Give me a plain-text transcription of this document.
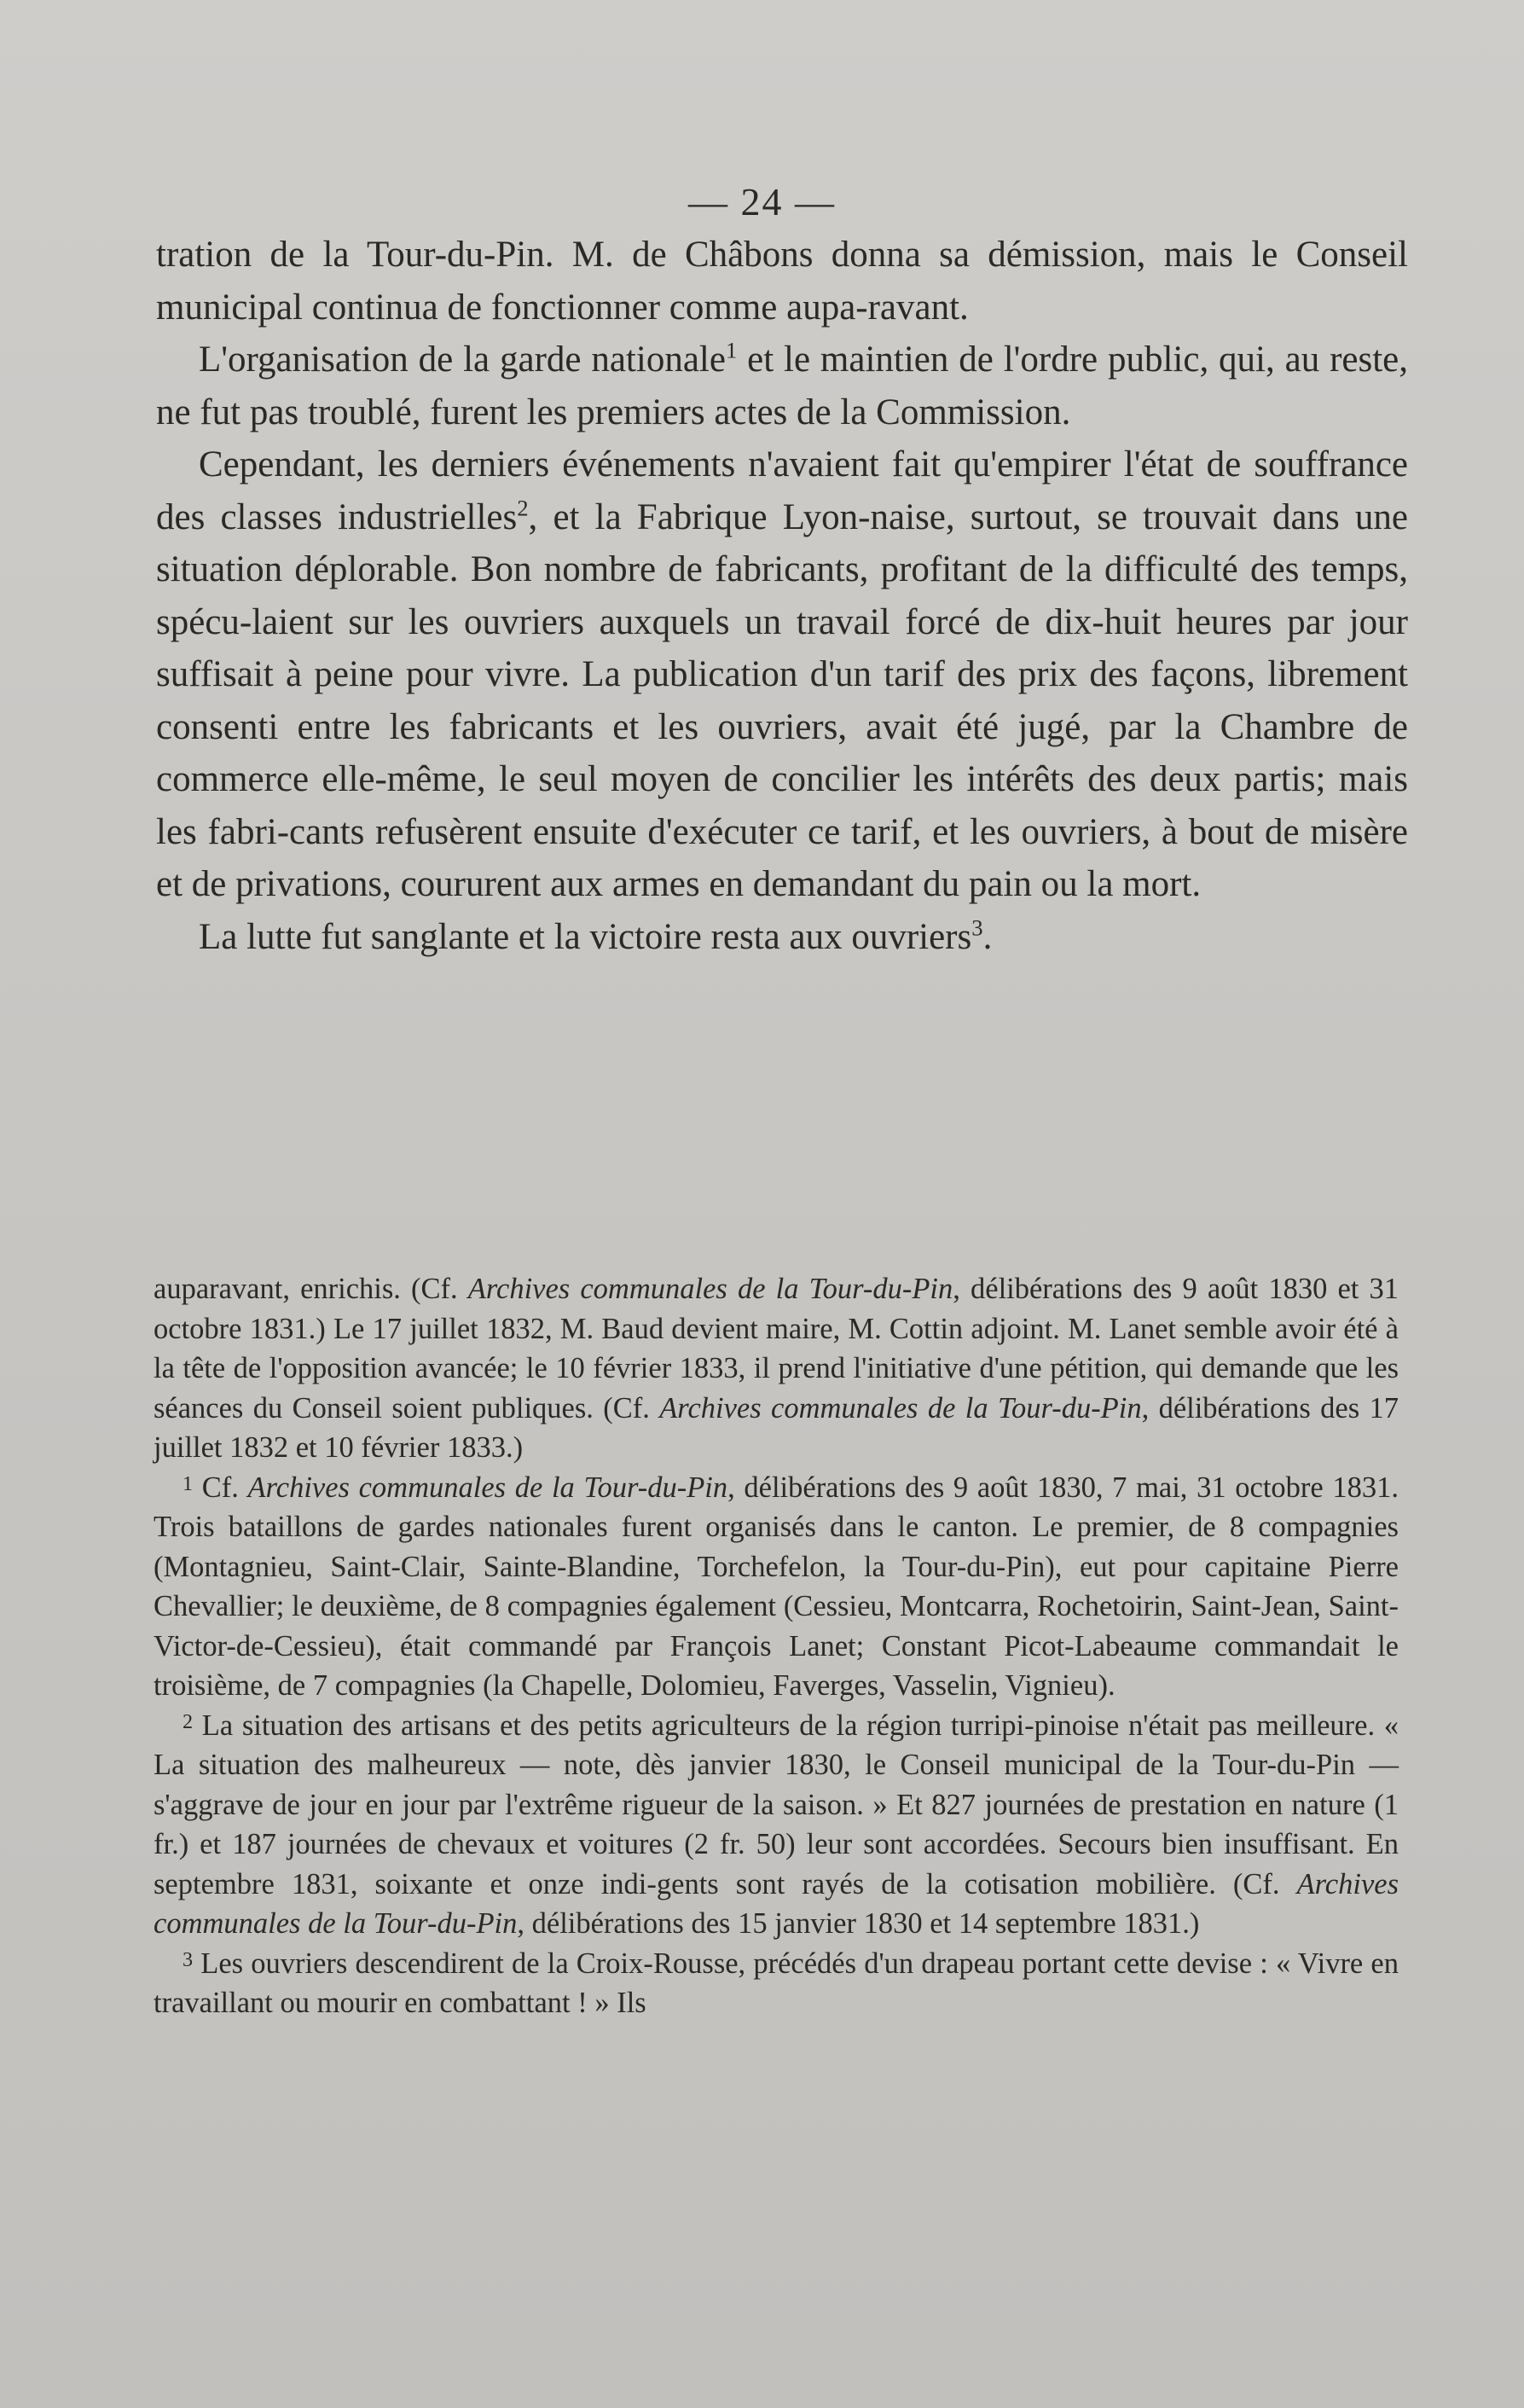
— 24 —

tration de la Tour-du-Pin. M. de Châbons donna sa démission, mais le Conseil municipal continua de fonctionner comme aupa-ravant.

L'organisation de la garde nationale$^1$ et le maintien de l'ordre public, qui, au reste, ne fut pas troublé, furent les premiers actes de la Commission.

Cependant, les derniers événements n'avaient fait qu'empirer l'état de souffrance des classes industrielles$^2$, et la Fabrique Lyon-naise, surtout, se trouvait dans une situation déplorable. Bon nombre de fabricants, profitant de la difficulté des temps, spécu-laient sur les ouvriers auxquels un travail forcé de dix-huit heures par jour suffisait à peine pour vivre. La publication d'un tarif des prix des façons, librement consenti entre les fabricants et les ouvriers, avait été jugé, par la Chambre de commerce elle-même, le seul moyen de concilier les intérêts des deux partis; mais les fabri-cants refusèrent ensuite d'exécuter ce tarif, et les ouvriers, à bout de misère et de privations, coururent aux armes en demandant du pain ou la mort.

La lutte fut sanglante et la victoire resta aux ouvriers$^3$.

auparavant, enrichis. (Cf. Archives communales de la Tour-du-Pin, délibérations des 9 août 1830 et 31 octobre 1831.) Le 17 juillet 1832, M. Baud devient maire, M. Cottin adjoint. M. Lanet semble avoir été à la tête de l'opposition avancée; le 10 février 1833, il prend l'initiative d'une pétition, qui demande que les séances du Conseil soient publiques. (Cf. Archives communales de la Tour-du-Pin, délibérations des 17 juillet 1832 et 10 février 1833.)

$^1$ Cf. Archives communales de la Tour-du-Pin, délibérations des 9 août 1830, 7 mai, 31 octobre 1831. Trois bataillons de gardes nationales furent organisés dans le canton. Le premier, de 8 compagnies (Montagnieu, Saint-Clair, Sainte-Blandine, Torchefelon, la Tour-du-Pin), eut pour capitaine Pierre Chevallier; le deuxième, de 8 compagnies également (Cessieu, Montcarra, Rochetoirin, Saint-Jean, Saint-Victor-de-Cessieu), était commandé par François Lanet; Constant Picot-Labeaume commandait le troisième, de 7 compagnies (la Chapelle, Dolomieu, Faverges, Vasselin, Vignieu).

$^2$ La situation des artisans et des petits agriculteurs de la région turripi-pinoise n'était pas meilleure. « La situation des malheureux — note, dès janvier 1830, le Conseil municipal de la Tour-du-Pin — s'aggrave de jour en jour par l'extrême rigueur de la saison. » Et 827 journées de prestation en nature (1 fr.) et 187 journées de chevaux et voitures (2 fr. 50) leur sont accordées. Secours bien insuffisant. En septembre 1831, soixante et onze indi-gents sont rayés de la cotisation mobilière. (Cf. Archives communales de la Tour-du-Pin, délibérations des 15 janvier 1830 et 14 septembre 1831.)

$^3$ Les ouvriers descendirent de la Croix-Rousse, précédés d'un drapeau portant cette devise : « Vivre en travaillant ou mourir en combattant ! » Ils
